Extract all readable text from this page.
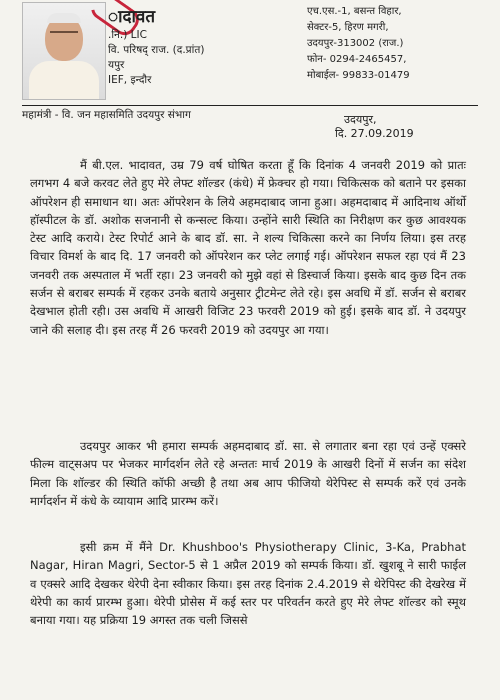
ादावत
.नि.) LIC
वि. परिषद् राज. (द.प्रांत)
यपुर
IEF, इन्दौर
एच.एस.-1, बसन्त विहार,
सेक्टर-5, हिरण मगरी,
उदयपुर-313002 (राज.)
फोन- 0294-2465457,
मोबाईल- 99833-01479
महामंत्री - वि. जन महासमिति उदयपुर संभाग	उदयपुर,
दि. 27.09.2019
मैं बी.एल. भादावत, उम्र 79 वर्ष घोषित करता हूँ कि दिनांक 4 जनवरी 2019 को प्रातः लगभग 4 बजे करवट लेते हुए मेरे लेफ्ट शॉल्डर (कंधे) में फ्रेक्चर हो गया। चिकित्सक को बताने पर इसका ऑपरेशन ही समाधान था। अतः ऑपरेशन के लिये अहमदाबाद जाना हुआ। अहमदाबाद में आदिनाथ ऑर्थो हॉस्पीटल के डॉ. अशोक सजनानी से कन्सल्ट किया। उन्होंने सारी स्थिति का निरीक्षण कर कुछ आवश्यक टेस्ट आदि कराये। टेस्ट रिपोर्ट आने के बाद डॉ. सा. ने शल्य चिकित्सा करने का निर्णय लिया। इस तरह विचार विमर्श के बाद दि. 17 जनवरी को ऑपरेशन कर प्लेट लगाई गई। ऑपरेशन सफल रहा एवं मैं 23 जनवरी तक अस्पताल में भर्ती रहा। 23 जनवरी को मुझे वहां से डिस्चार्ज किया। इसके बाद कुछ दिन तक सर्जन से बराबर सम्पर्क में रहकर उनके बताये अनुसार ट्रीटमेन्ट लेते रहे। इस अवधि में डॉ. सर्जन से बराबर देखभाल होती रही। उस अवधि में आखरी विजिट 23 फरवरी 2019 को हुई। इसके बाद डॉ. ने उदयपुर जाने की सलाह दी। इस तरह मैं 26 फरवरी 2019 को उदयपुर आ गया।
उदयपुर आकर भी हमारा सम्पर्क अहमदाबाद डॉ. सा. से लगातार बना रहा एवं उन्हें एक्सरे फील्म वाट्सअप पर भेजकर मार्गदर्शन लेते रहे अन्ततः मार्च 2019 के आखरी दिनों में सर्जन का संदेश मिला कि शॉल्डर की स्थिति कॉफी अच्छी है तथा अब आप फीजियो थेरेपिस्ट से सम्पर्क करें एवं उनके मार्गदर्शन में कंधे के व्यायाम आदि प्रारम्भ करें।
इसी क्रम में मैंने Dr. Khushboo's Physiotherapy Clinic, 3-Ka, Prabhat Nagar, Hiran Magri, Sector-5 से 1 अप्रैल 2019 को सम्पर्क किया। डॉ. खुशबू ने सारी फाईल व एक्सरे आदि देखकर थेरेपी देना स्वीकार किया। इस तरह दिनांक 2.4.2019 से थेरेपिस्ट की देखरेख में थेरेपी का कार्य प्रारम्भ हुआ। थेरेपी प्रोसेस में कई स्तर पर परिवर्तन करते हुए मेरे लेफ्ट शॉल्डर को स्मूथ बनाया गया। यह प्रक्रिया 19 अगस्त तक चली जिससे
